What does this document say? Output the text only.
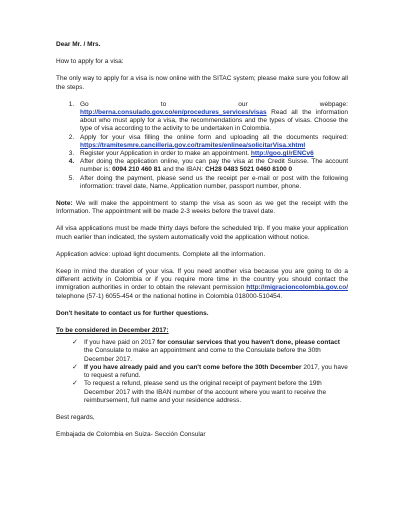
Dear Mr. / Mrs.

How to apply for a visa:

The only way to apply for a visa is now online with the SITAC system; please make sure you follow all the steps.

1. Go	to	our	webpage:
http://berna.consulado.gov.co/en/procedures_services/visas Read all the information about who must apply for a visa, the recommendations and the types of visas. Choose the type of visa according to the activity to be undertaken in Colombia.
2. Apply for your visa filling the online form and uploading all the documents required: https://tramitesmre.cancilleria.gov.co/tramites/enlinea/solicitarVisa.xhtml
3. Register your Application in order to make an appointment. http://goo.gl/rENCv6
4. After doing the application online, you can pay the visa at the Credit Suisse. The account number is: 0094 210 460 81 and the IBAN: CH28 0483 5021 0460 8100 0
5. After doing the payment, please send us the receipt per e-mail or post with the following information: travel date, Name, Application number, passport number, phone.

Note: We will make the appointment to stamp the visa as soon as we get the receipt with the Information. The appointment will be made 2-3 weeks before the travel date.

All visa applications must be made thirty days before the scheduled trip. If you make your application much earlier than indicated, the system automatically void the application without notice.

Application advice: upload light documents. Complete all the information.

Keep in mind the duration of your visa. If you need another visa because you are going to do a different activity in Colombia or if you require more time in the country you should contact the immigration authorities in order to obtain the relevant permission http://migracioncolombia.gov.co/ telephone (57-1) 6055-454 or the national hotline in Colombia 018000-510454.

Don't hesitate to contact us for further questions.

To be considered in December 2017:

✓ If you have paid on 2017 for consular services that you haven't done, please contact the Consulate to make an appointment and come to the Consulate before the 30th December 2017.
✓ If you have already paid and you can't come before the 30th December 2017, you have to request a refund.
✓ To request a refund, please send us the original receipt of payment before the 19th December 2017 with the IBAN number of the account where you want to receive the reimbursement, full name and your residence address.

Best regards,

Embajada de Colombia en Suiza- Sección Consular
